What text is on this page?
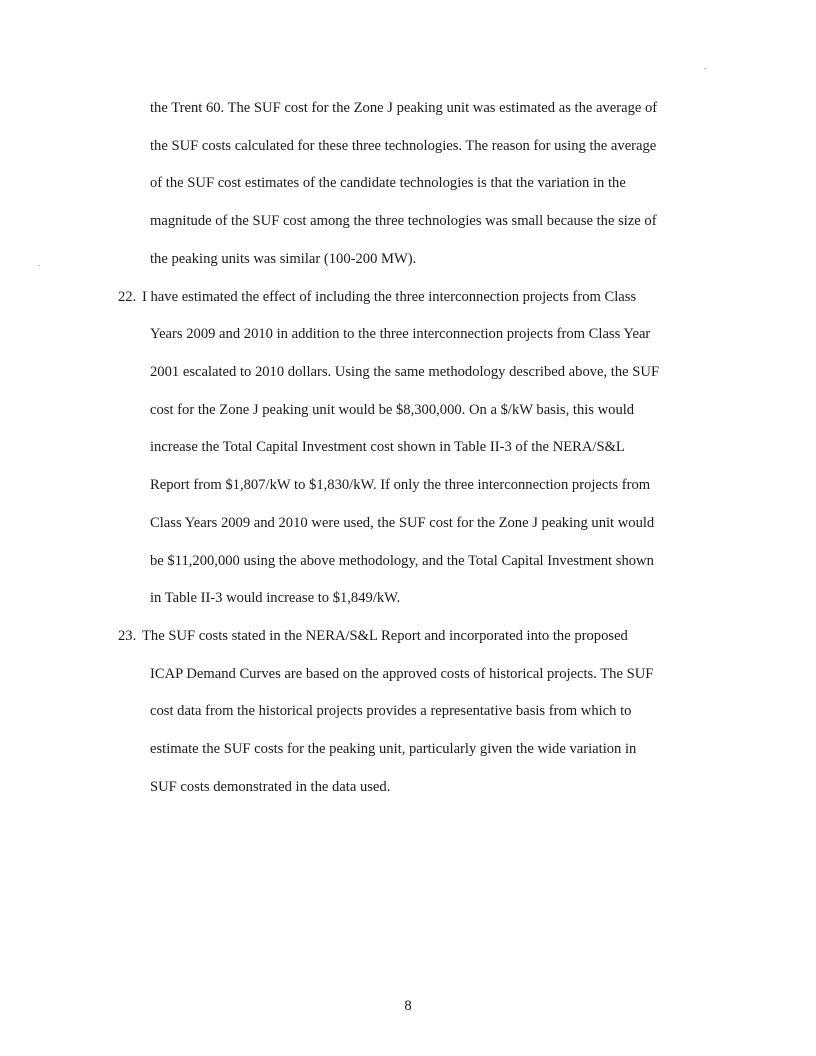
the Trent 60. The SUF cost for the Zone J peaking unit was estimated as the average of
the SUF costs calculated for these three technologies. The reason for using the average
of the SUF cost estimates of the candidate technologies is that the variation in the
magnitude of the SUF cost among the three technologies was small because the size of
the peaking units was similar (100-200 MW).
22. I have estimated the effect of including the three interconnection projects from Class
Years 2009 and 2010 in addition to the three interconnection projects from Class Year
2001 escalated to 2010 dollars. Using the same methodology described above, the SUF
cost for the Zone J peaking unit would be $8,300,000. On a $/kW basis, this would
increase the Total Capital Investment cost shown in Table II-3 of the NERA/S&L
Report from $1,807/kW to $1,830/kW. If only the three interconnection projects from
Class Years 2009 and 2010 were used, the SUF cost for the Zone J peaking unit would
be $11,200,000 using the above methodology, and the Total Capital Investment shown
in Table II-3 would increase to $1,849/kW.
23. The SUF costs stated in the NERA/S&L Report and incorporated into the proposed
ICAP Demand Curves are based on the approved costs of historical projects. The SUF
cost data from the historical projects provides a representative basis from which to
estimate the SUF costs for the peaking unit, particularly given the wide variation in
SUF costs demonstrated in the data used.
8
